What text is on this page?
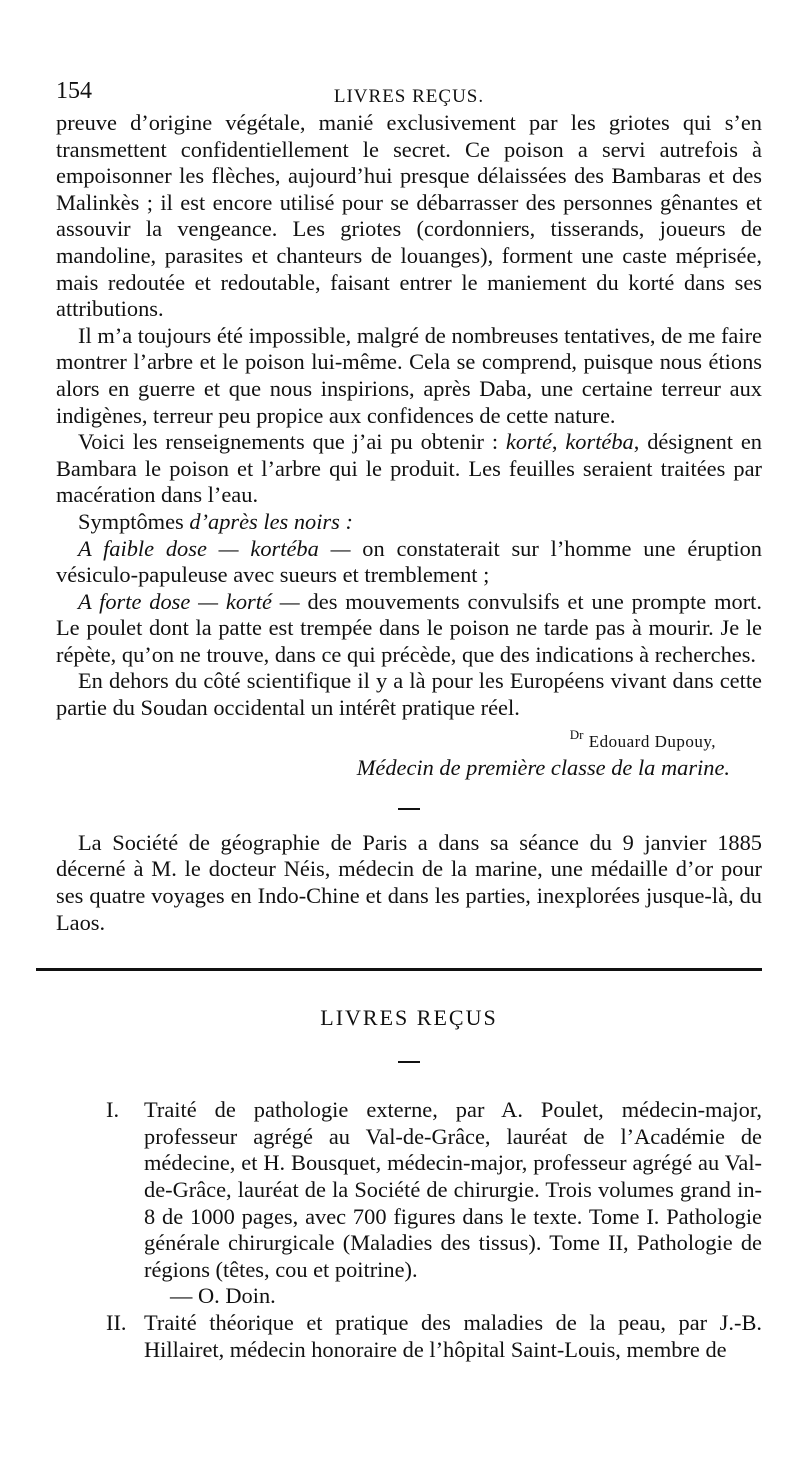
154	LIVRES REÇUS.

preuve d’origine végétale, manié exclusivement par les griotes qui s’en transmettent confidentiellement le secret. Ce poison a servi autrefois à empoisonner les flèches, aujourd’hui presque délaissées des Bambaras et des Malinkès ; il est encore utilisé pour se débarrasser des personnes gênantes et assouvir la vengeance. Les griotes (cordonniers, tisserands, joueurs de mandoline, parasites et chanteurs de louanges), forment une caste méprisée, mais redoutée et redoutable, faisant entrer le maniement du korté dans ses attributions.

Il m’a toujours été impossible, malgré de nombreuses tentatives, de me faire montrer l’arbre et le poison lui-même. Cela se comprend, puisque nous étions alors en guerre et que nous inspirions, après Daba, une certaine terreur aux indigènes, terreur peu propice aux confidences de cette nature.

Voici les renseignements que j’ai pu obtenir : korté, kortéba, désignent en Bambara le poison et l’arbre qui le produit. Les feuilles seraient traitées par macération dans l’eau.

Symptômes d’après les noirs :

A faible dose — kortéba — on constaterait sur l’homme une éruption vésiculo-papuleuse avec sueurs et tremblement ;

A forte dose — korté — des mouvements convulsifs et une prompte mort. Le poulet dont la patte est trempée dans le poison ne tarde pas à mourir. Je le répète, qu’on ne trouve, dans ce qui précède, que des indications à recherches.

En dehors du côté scientifique il y a là pour les Européens vivant dans cette partie du Soudan occidental un intérêt pratique réel.

$^{Dr}$ Edouard Dupouy,

Médecin de première classe de la marine.

La Société de géographie de Paris a dans sa séance du 9 janvier 1885 décerné à M. le docteur Néis, médecin de la marine, une médaille d’or pour ses quatre voyages en Indo-Chine et dans les parties, inexplorées jusque-là, du Laos.

LIVRES REÇUS
I.	Traité de pathologie externe, par A. Poulet, médecin-major, professeur agrégé au Val-de-Grâce, lauréat de l’Académie de médecine, et H. Bousquet, médecin-major, professeur agrégé au Val-de-Grâce, lauréat de la Société de chirurgie. Trois volumes grand in-8 de 1000 pages, avec 700 figures dans le texte. Tome I. Pathologie générale chirurgicale (Maladies des tissus). Tome II, Pathologie de régions (têtes, cou et poitrine).

— O. Doin.

II. Traité théorique et pratique des maladies de la peau, par J.-B. Hillairet, médecin honoraire de l’hôpital Saint-Louis, membre de
